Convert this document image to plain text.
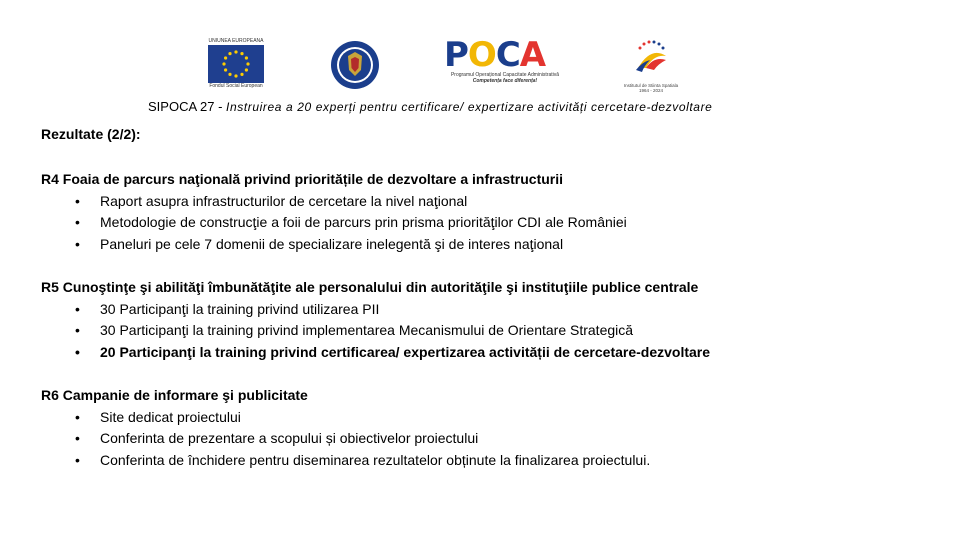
UNIUNEA EUROPEANĂ
Fondul Social European
POCA
Programul Operațional Capacitate Administrativă
Competența face diferența!
Institutul de Stiinta Spatiala
1964 - 2024
SIPOCA 27 - Instruirea a 20 experți pentru certificare/ expertizare activități cercetare-dezvoltare
Rezultate (2/2):
R4 Foaia de parcurs naţională privind prioritățile de dezvoltare a infrastructurii
• Raport asupra infrastructurilor de cercetare la nivel naţional
• Metodologie de construcţie a foii de parcurs prin prisma priorităţilor CDI ale României
• Paneluri pe cele 7 domenii de specializare inelegentă şi de interes naţional
R5 Cunoştinţe şi abilităţi îmbunătăţite ale personalului din autorităţile şi instituţiile publice centrale
• 30 Participanţi la training privind utilizarea PII
• 30 Participanţi la training privind implementarea Mecanismului de Orientare Strategică
• 20 Participanţi la training privind certificarea/ expertizarea activității de cercetare-dezvoltare
R6 Campanie de informare şi publicitate
• Site dedicat proiectului
• Conferinta de prezentare a scopului și obiectivelor proiectului
• Conferinta de închidere pentru diseminarea rezultatelor obținute la finalizarea proiectului.
